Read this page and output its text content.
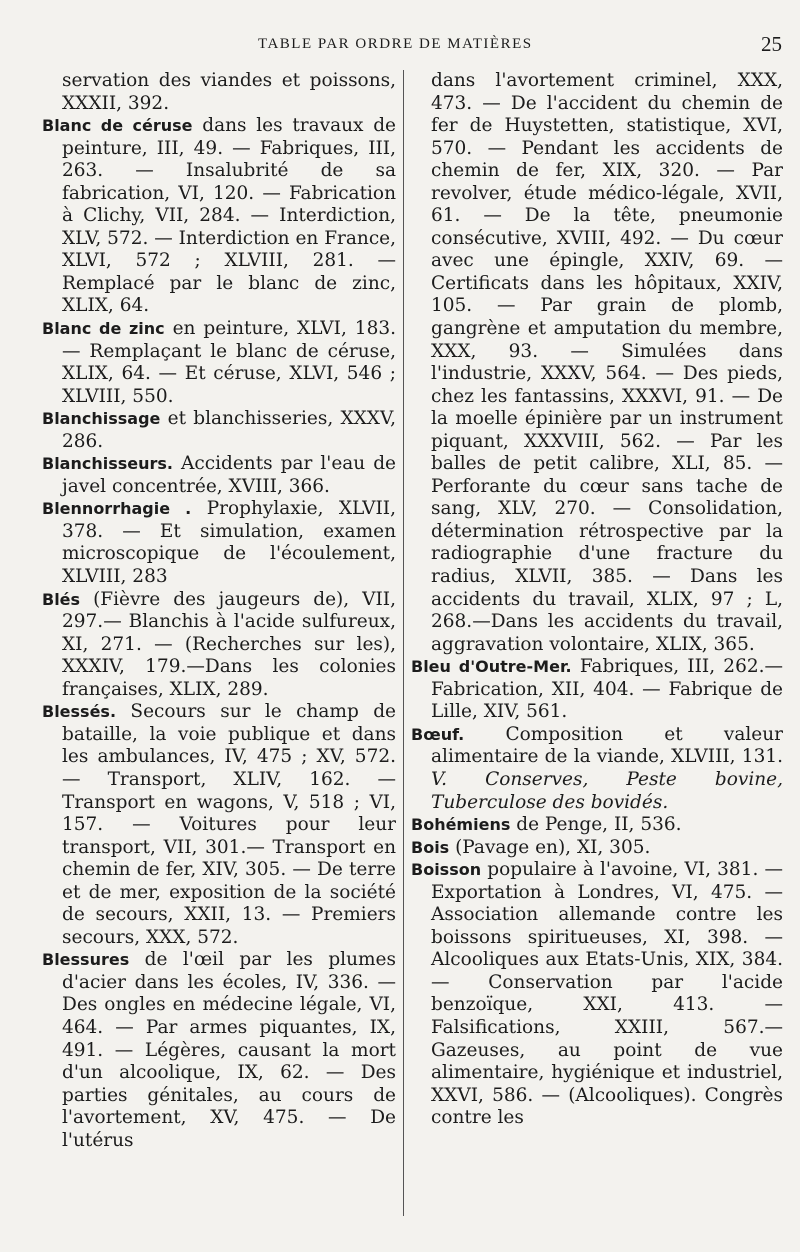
TABLE PAR ORDRE DE MATIÈRES	25

servation des viandes et poissons, XXXII, 392.

Blanc de céruse dans les travaux de peinture, III, 49. — Fabriques, III, 263. — Insalubrité de sa fabrication, VI, 120. — Fabrication à Clichy, VII, 284. — Interdiction, XLV, 572. — Interdiction en France, XLVI, 572 ; XLVIII, 281. — Remplacé par le blanc de zinc, XLIX, 64.

Blanc de zinc en peinture, XLVI, 183. — Remplaçant le blanc de céruse, XLIX, 64. — Et céruse, XLVI, 546 ; XLVIII, 550.

Blanchissage et blanchisseries, XXXV, 286.

Blanchisseurs. Accidents par l'eau de javel concentrée, XVIII, 366.

Blennorrhagie . Prophylaxie, XLVII, 378. — Et simulation, examen microscopique de l'écoulement, XLVIII, 283

Blés (Fièvre des jaugeurs de), VII, 297.— Blanchis à l'acide sulfureux, XI, 271. — (Recherches sur les), XXXIV, 179.—Dans les colonies françaises, XLIX, 289.

Blessés. Secours sur le champ de bataille, la voie publique et dans les ambulances, IV, 475 ; XV, 572. — Transport, XLIV, 162. — Transport en wagons, V, 518 ; VI, 157. — Voitures pour leur transport, VII, 301.— Transport en chemin de fer, XIV, 305. — De terre et de mer, exposition de la société de secours, XXII, 13. — Premiers secours, XXX, 572.

Blessures de l'œil par les plumes d'acier dans les écoles, IV, 336. — Des ongles en médecine légale, VI, 464. — Par armes piquantes, IX, 491. — Légères, causant la mort d'un alcoolique, IX, 62. — Des parties génitales, au cours de l'avortement, XV, 475. — De l'utérus

dans l'avortement criminel, XXX, 473. — De l'accident du chemin de fer de Huystetten, statistique, XVI, 570. — Pendant les accidents de chemin de fer, XIX, 320. — Par revolver, étude médico-légale, XVII, 61. — De la tête, pneumonie consécutive, XVIII, 492. — Du cœur avec une épingle, XXIV, 69. — Certificats dans les hôpitaux, XXIV, 105. — Par grain de plomb, gangrène et amputation du membre, XXX, 93. — Simulées dans l'industrie, XXXV, 564. — Des pieds, chez les fantassins, XXXVI, 91. — De la moelle épinière par un instrument piquant, XXXVIII, 562. — Par les balles de petit calibre, XLI, 85. — Perforante du cœur sans tache de sang, XLV, 270. — Consolidation, détermination rétrospective par la radiographie d'une fracture du radius, XLVII, 385. — Dans les accidents du travail, XLIX, 97 ; L, 268.—Dans les accidents du travail, aggravation volontaire, XLIX, 365.

Bleu d'Outre-Mer. Fabriques, III, 262.— Fabrication, XII, 404. — Fabrique de Lille, XIV, 561.

Bœuf. Composition et valeur alimentaire de la viande, XLVIII, 131. V. Conserves, Peste bovine, Tuberculose des bovidés.

Bohémiens de Penge, II, 536.

Bois (Pavage en), XI, 305.

Boisson populaire à l'avoine, VI, 381. — Exportation à Londres, VI, 475. — Association allemande contre les boissons spiritueuses, XI, 398. — Alcooliques aux Etats-Unis, XIX, 384. — Conservation par l'acide benzoïque, XXI, 413. — Falsifications, XXIII, 567.— Gazeuses, au point de vue alimentaire, hygiénique et industriel, XXVI, 586. — (Alcooliques). Congrès contre les
